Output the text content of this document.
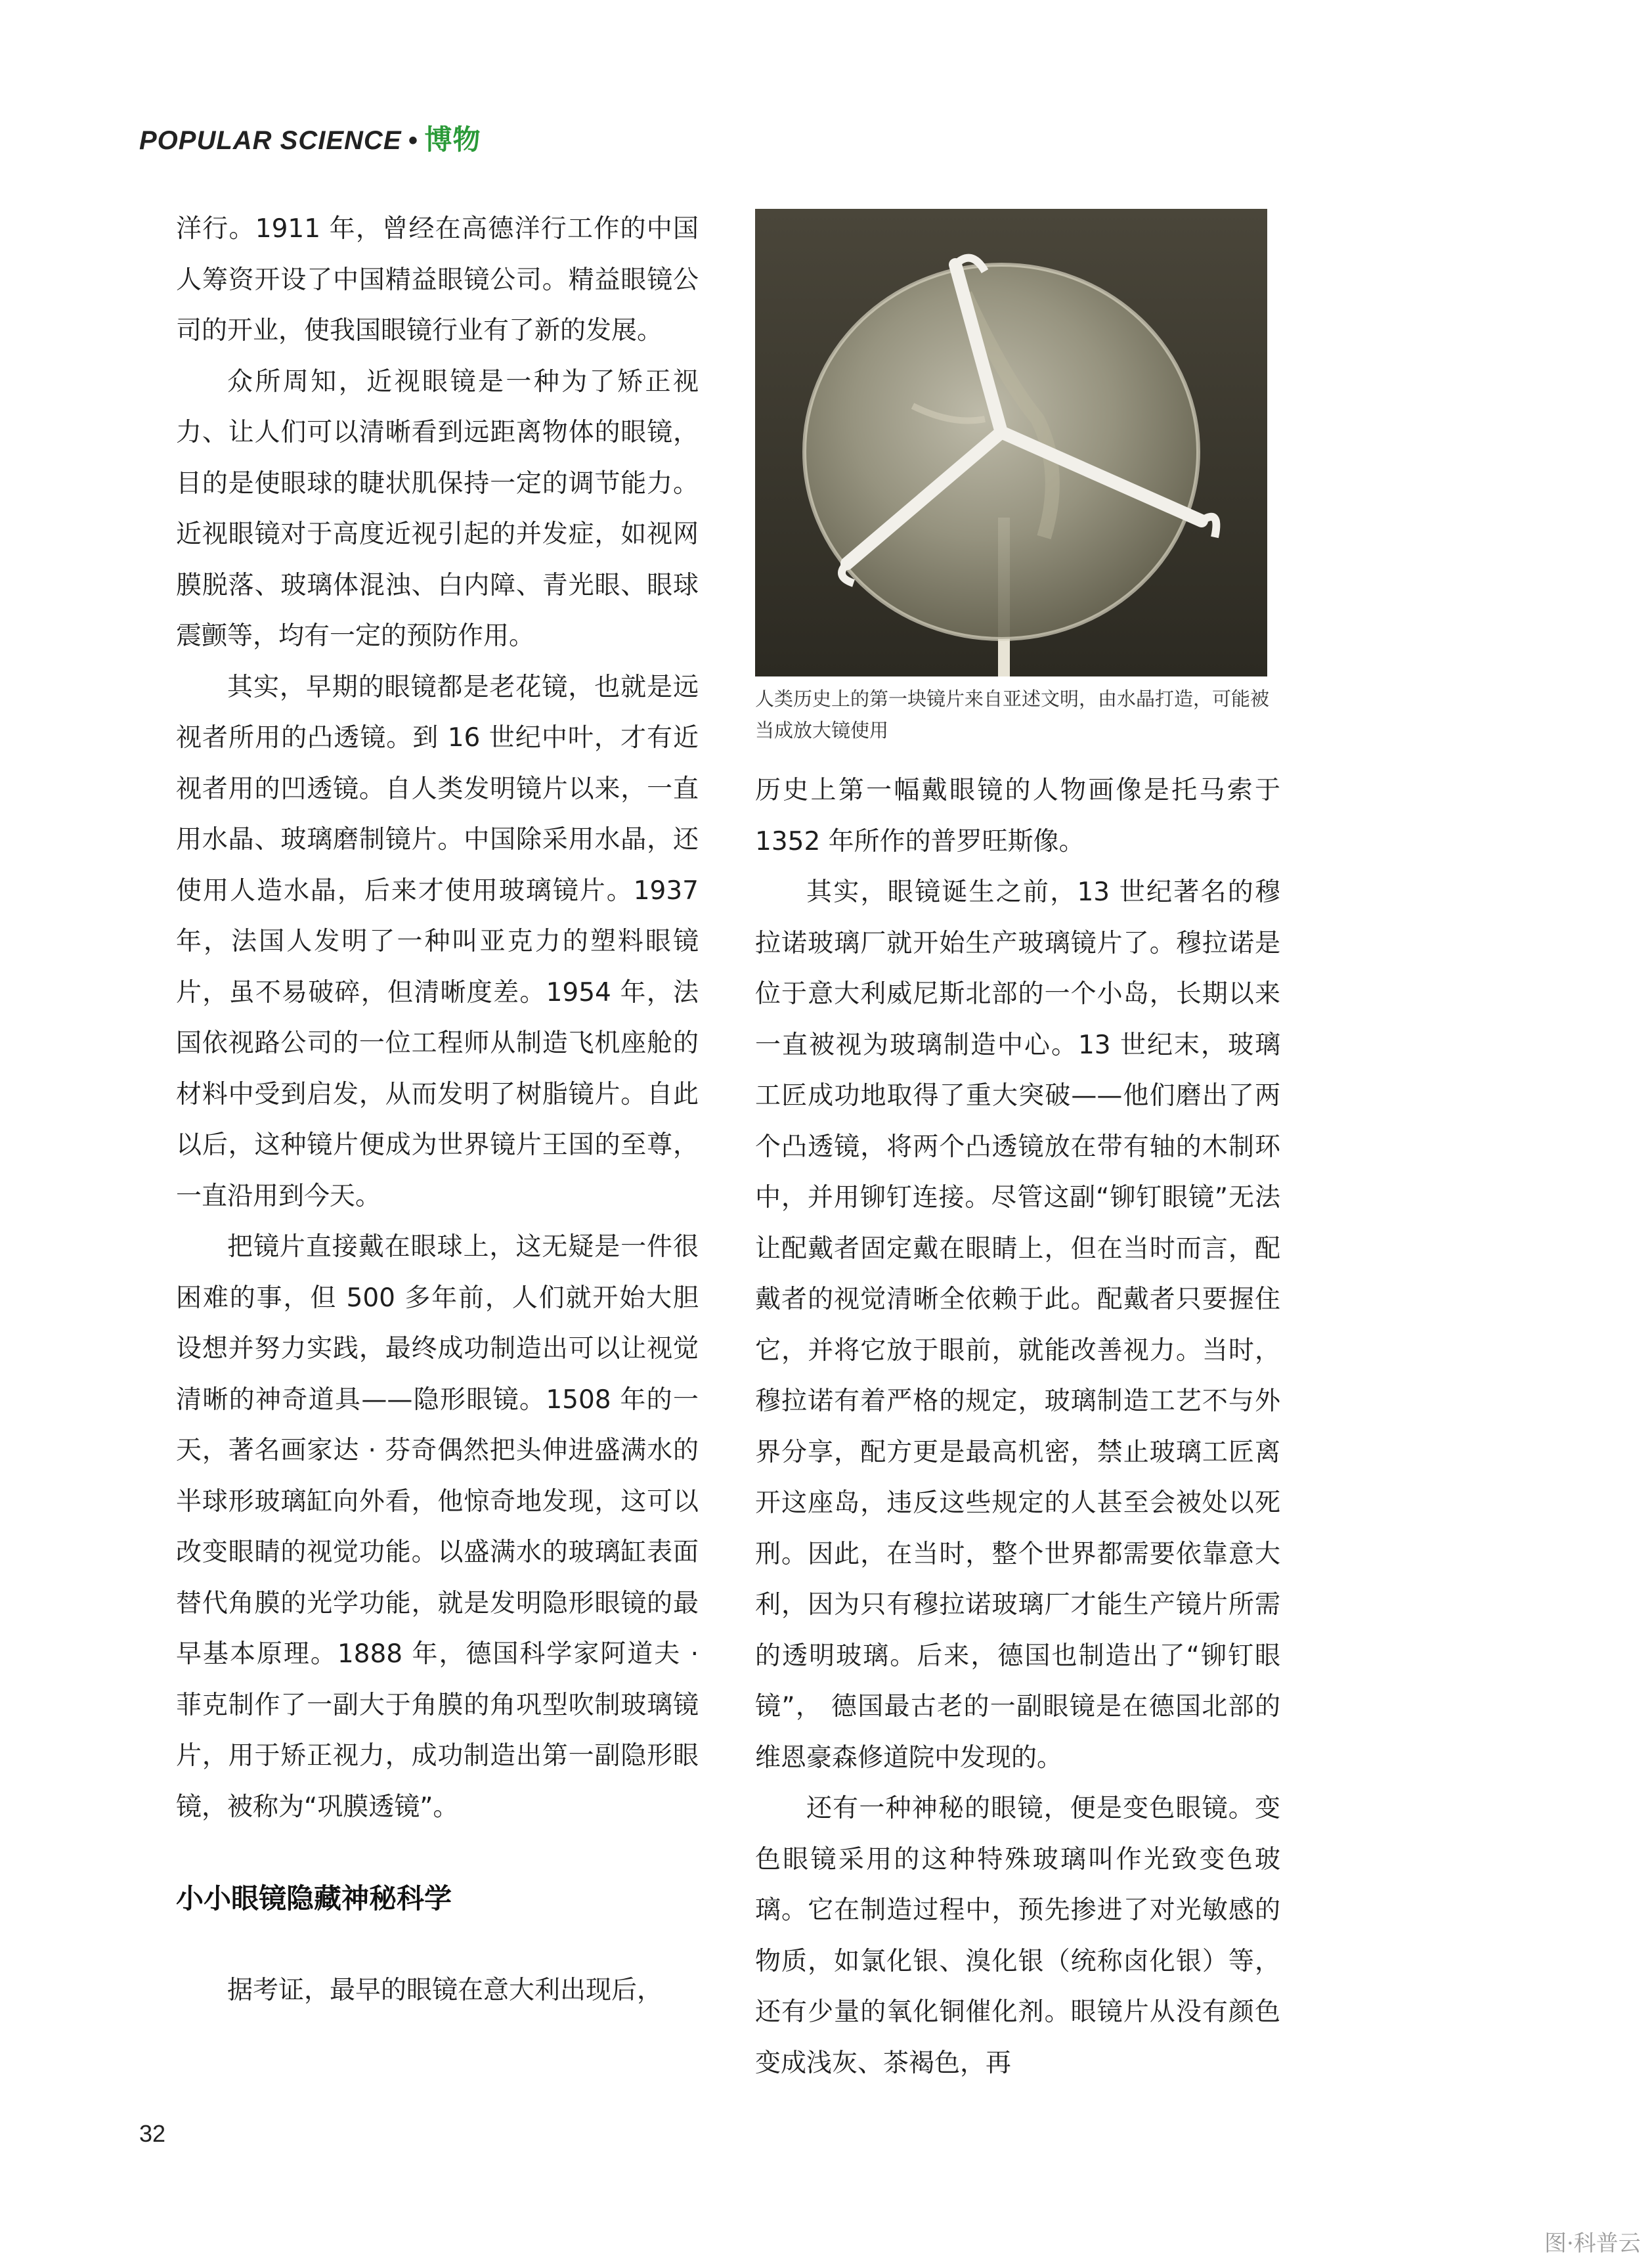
POPULAR SCIENCE • 博物

洋行。1911 年，曾经在高德洋行工作的中国人筹资开设了中国精益眼镜公司。精益眼镜公司的开业，使我国眼镜行业有了新的发展。

众所周知，近视眼镜是一种为了矫正视力、让人们可以清晰看到远距离物体的眼镜，目的是使眼球的睫状肌保持一定的调节能力。近视眼镜对于高度近视引起的并发症，如视网膜脱落、玻璃体混浊、白内障、青光眼、眼球震颤等，均有一定的预防作用。

其实，早期的眼镜都是老花镜，也就是远视者所用的凸透镜。到 16 世纪中叶，才有近视者用的凹透镜。自人类发明镜片以来，一直用水晶、玻璃磨制镜片。中国除采用水晶，还使用人造水晶，后来才使用玻璃镜片。1937 年，法国人发明了一种叫亚克力的塑料眼镜片，虽不易破碎，但清晰度差。1954 年，法国依视路公司的一位工程师从制造飞机座舱的材料中受到启发，从而发明了树脂镜片。自此以后，这种镜片便成为世界镜片王国的至尊，一直沿用到今天。

把镜片直接戴在眼球上，这无疑是一件很困难的事，但 500 多年前，人们就开始大胆设想并努力实践，最终成功制造出可以让视觉清晰的神奇道具——隐形眼镜。1508 年的一天，著名画家达 · 芬奇偶然把头伸进盛满水的半球形玻璃缸向外看，他惊奇地发现，这可以改变眼睛的视觉功能。以盛满水的玻璃缸表面替代角膜的光学功能，就是发明隐形眼镜的最早基本原理。1888 年，德国科学家阿道夫 · 菲克制作了一副大于角膜的角巩型吹制玻璃镜片，用于矫正视力，成功制造出第一副隐形眼镜，被称为“巩膜透镜”。

小小眼镜隐藏神秘科学

据考证，最早的眼镜在意大利出现后，

人类历史上的第一块镜片来自亚述文明，由水晶打造，可能被当成放大镜使用

历史上第一幅戴眼镜的人物画像是托马索于1352 年所作的普罗旺斯像。

其实，眼镜诞生之前，13 世纪著名的穆拉诺玻璃厂就开始生产玻璃镜片了。穆拉诺是位于意大利威尼斯北部的一个小岛，长期以来一直被视为玻璃制造中心。13 世纪末，玻璃工匠成功地取得了重大突破——他们磨出了两个凸透镜，将两个凸透镜放在带有轴的木制环中，并用铆钉连接。尽管这副“铆钉眼镜”无法让配戴者固定戴在眼睛上，但在当时而言，配戴者的视觉清晰全依赖于此。配戴者只要握住它，并将它放于眼前，就能改善视力。当时，穆拉诺有着严格的规定，玻璃制造工艺不与外界分享，配方更是最高机密，禁止玻璃工匠离开这座岛，违反这些规定的人甚至会被处以死刑。因此，在当时，整个世界都需要依靠意大利，因为只有穆拉诺玻璃厂才能生产镜片所需的透明玻璃。后来，德国也制造出了“铆钉眼镜”， 德国最古老的一副眼镜是在德国北部的维恩豪森修道院中发现的。

还有一种神秘的眼镜，便是变色眼镜。变色眼镜采用的这种特殊玻璃叫作光致变色玻璃。它在制造过程中，预先掺进了对光敏感的物质，如氯化银、溴化银（统称卤化银）等，还有少量的氧化铜催化剂。眼镜片从没有颜色变成浅灰、茶褐色，再

32
图·科普云
